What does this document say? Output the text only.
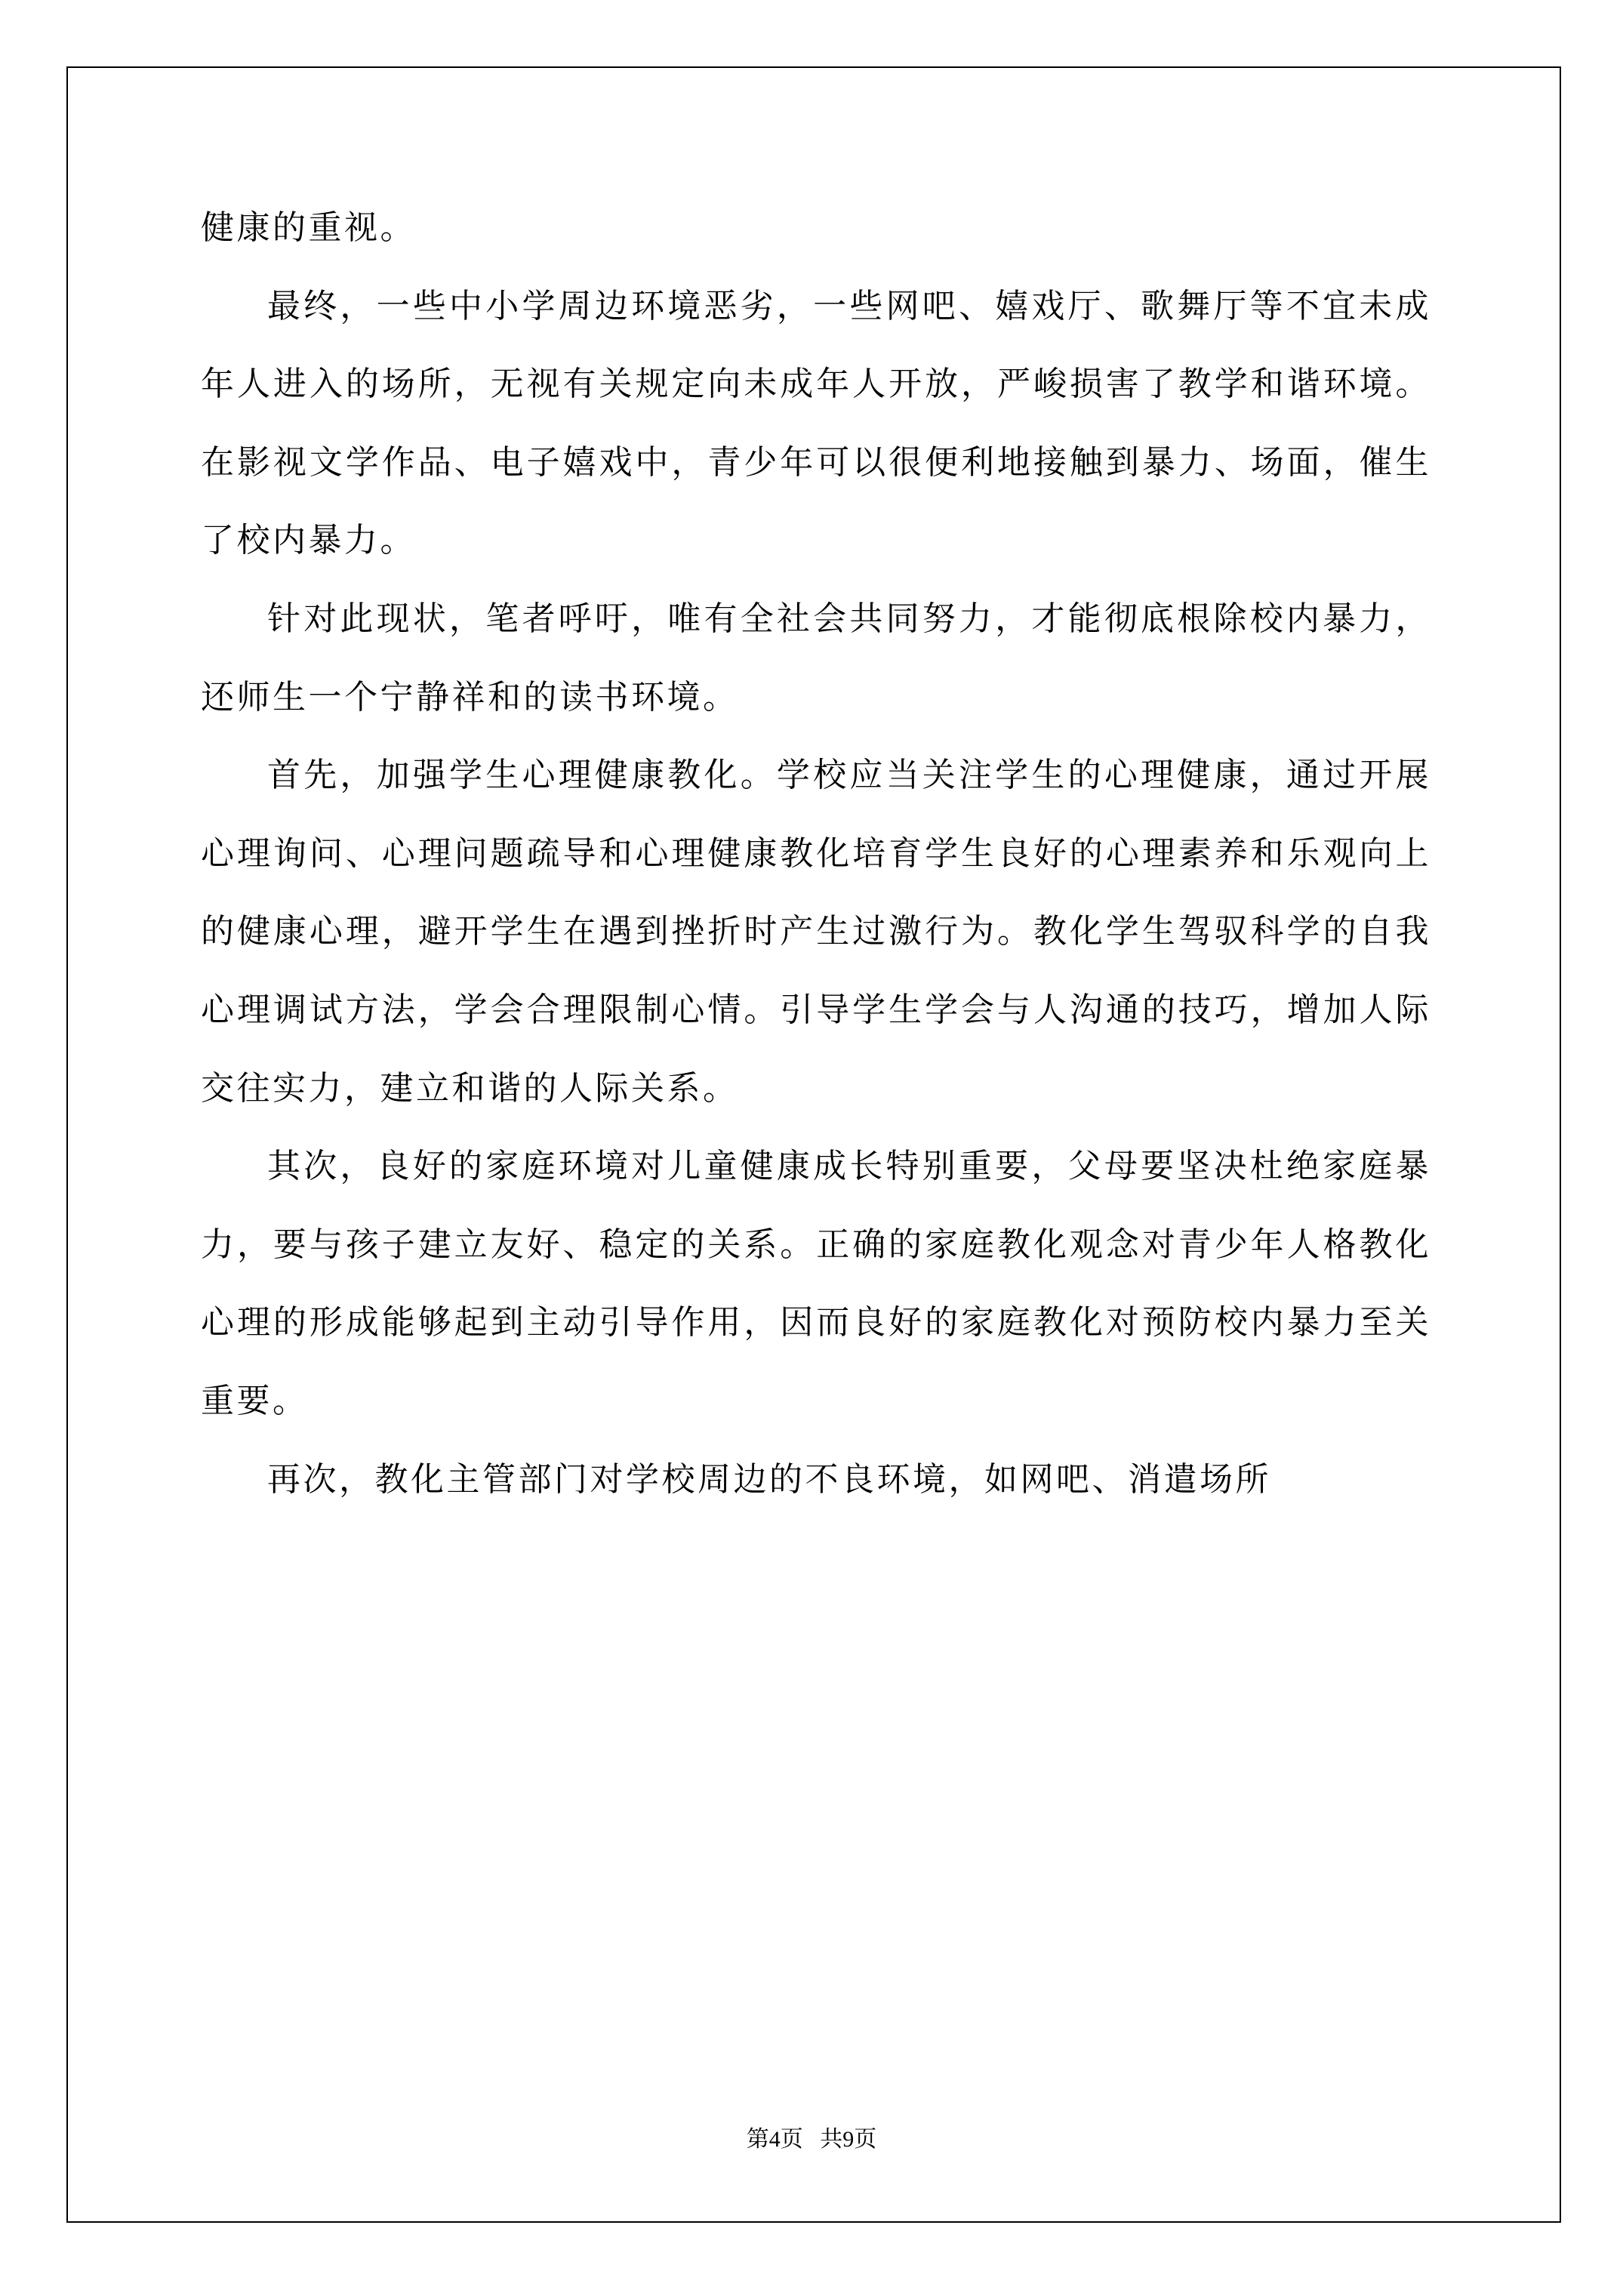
健康的重视。

最终，一些中小学周边环境恶劣，一些网吧、嬉戏厅、歌舞厅等不宜未成年人进入的场所，无视有关规定向未成年人开放，严峻损害了教学和谐环境。在影视文学作品、电子嬉戏中，青少年可以很便利地接触到暴力、场面，催生了校内暴力。

针对此现状，笔者呼吁，唯有全社会共同努力，才能彻底根除校内暴力，还师生一个宁静祥和的读书环境。

首先，加强学生心理健康教化。学校应当关注学生的心理健康，通过开展心理询问、心理问题疏导和心理健康教化培育学生良好的心理素养和乐观向上的健康心理，避开学生在遇到挫折时产生过激行为。教化学生驾驭科学的自我心理调试方法，学会合理限制心情。引导学生学会与人沟通的技巧，增加人际交往实力，建立和谐的人际关系。

其次，良好的家庭环境对儿童健康成长特别重要，父母要坚决杜绝家庭暴力，要与孩子建立友好、稳定的关系。正确的家庭教化观念对青少年人格教化心理的形成能够起到主动引导作用，因而良好的家庭教化对预防校内暴力至关重要。

再次，教化主管部门对学校周边的不良环境，如网吧、消遣场所

第4页   共9页
